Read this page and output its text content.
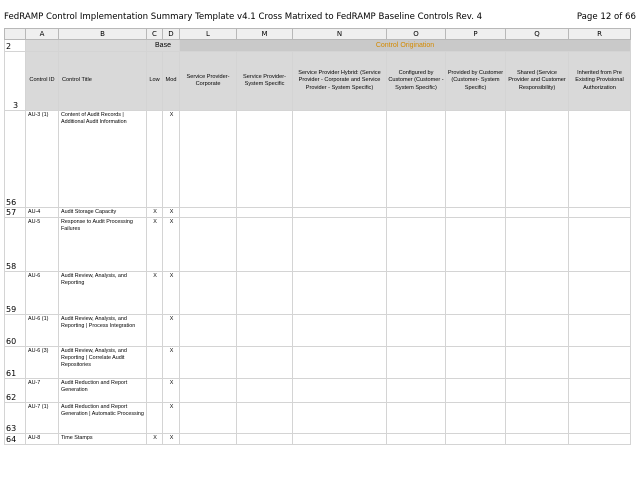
FedRAMP Control Implementation Summary Template v4.1 Cross Matrixed to FedRAMP Baseline Controls Rev. 4	Page 12 of 66
	A	B	C	D	L	M	N	O	P	Q	R
2			Base		Control Origination						
3	Control ID	Control Title	Low	Mod	Service Provider-Corporate	Service Provider-System Specific	Service Provider Hybrid: (Service Provider - Corporate and Service Provider - System Specific)	Configured by Customer (Customer - System Specific)	Provided by Customer (Customer- System Specific)	Shared (Service Provider and Customer Responsibility)	Inherited from Pre Existing Provisional Authorization
56	AU-3 (1)	Content of Audit Records | Additional Audit Information		X							
57	AU-4	Audit Storage Capacity	X	X							
58	AU-5	Response to Audit Processing Failures	X	X							
59	AU-6	Audit Review, Analysis, and Reporting	X	X							
60	AU-6 (1)	Audit Review, Analysis, and Reporting | Process Integration		X							
61	AU-6 (3)	Audit Review, Analysis, and Reporting | Correlate Audit Repositories		X							
62	AU-7	Audit Reduction and Report Generation		X							
63	AU-7 (1)	Audit Reduction and Report Generation | Automatic Processing		X							
64	AU-8	Time Stamps	X	X							
